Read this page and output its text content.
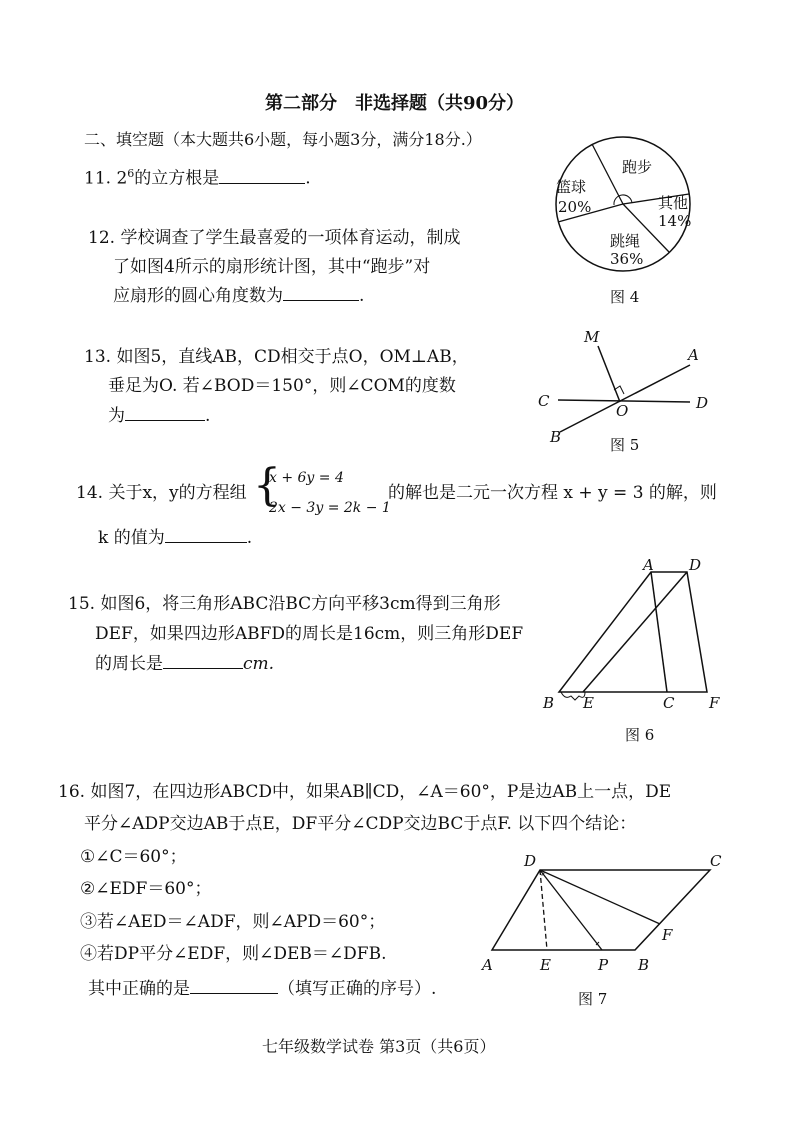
第二部分　非选择题（共90分）
二、填空题（本大题共6小题，每小题3分，满分18分.）
11. $2^6$的立方根是	.
12. 学校调查了学生最喜爱的一项体育运动，制成
了如图4所示的扇形统计图，其中“跑步”对
应扇形的圆心角度数为	.
13. 如图5，直线AB，CD相交于点O，OM⊥AB，
垂足为O. 若∠BOD＝150°，则∠COM的度数
为	.
14. 关于x，y的方程组 {
x + 6y = 4
2x − 3y = 2k − 1
的解也是二元一次方程 x + y = 3 的解，则
k 的值为	.
15. 如图6，将三角形ABC沿BC方向平移3cm得到三角形
DEF，如果四边形ABFD的周长是16cm，则三角形DEF
的周长是	cm.
16. 如图7，在四边形ABCD中，如果AB∥CD，∠A＝60°，P是边AB上一点，DE
平分∠ADP交边AB于点E，DF平分∠CDP交边BC于点F. 以下四个结论：
①∠C＝60°；
②∠EDF＝60°；
③若∠AED＝∠ADF，则∠APD＝60°；
④若DP平分∠EDF，则∠DEB＝∠DFB.
其中正确的是	（填写正确的序号）.
跑步
篮球
20%	其他
14%
跳绳
36%
图 4
M
A
C
O	D
B	图 5
A D
B E	C F
图 6
D	C
F
A	E	P B
图 7
七年级数学试卷 第3页（共6页）
